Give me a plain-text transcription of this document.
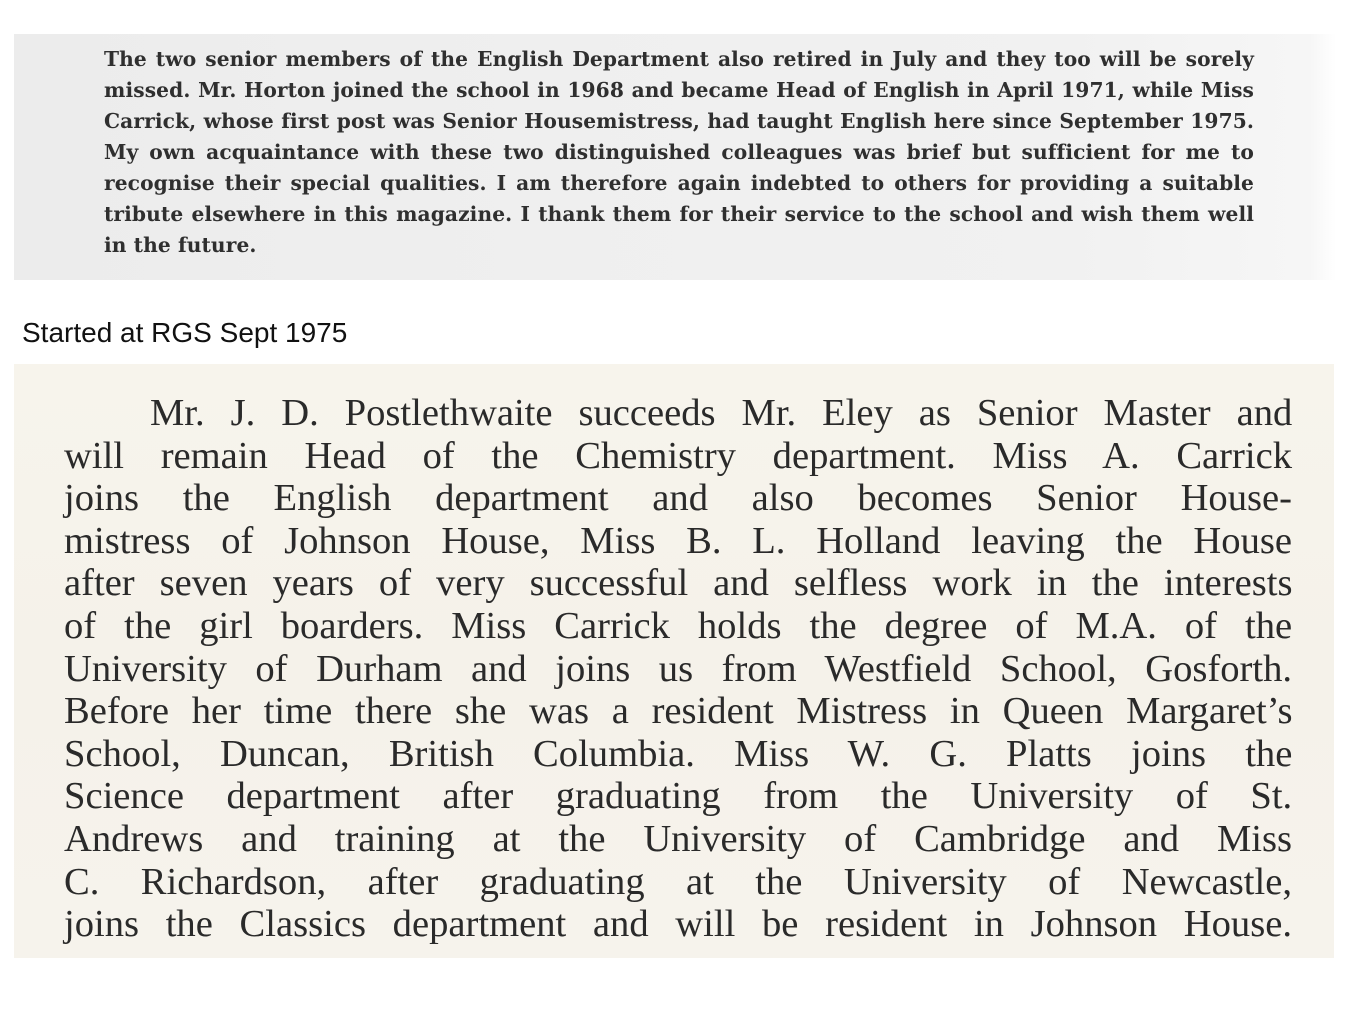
The two senior members of the English Department also retired in July and they too will be sorely missed. Mr. Horton joined the school in 1968 and became Head of English in April 1971, while Miss Carrick, whose first post was Senior Housemistress, had taught English here since September 1975. My own acquaintance with these two distinguished colleagues was brief but sufficient for me to recognise their special qualities. I am therefore again indebted to others for providing a suitable tribute elsewhere in this magazine. I thank them for their service to the school and wish them well in the future.

Started at RGS Sept 1975
Mr. J. D. Postlethwaite succeeds Mr. Eley as Senior Master and
will remain Head of the Chemistry department. Miss A. Carrick
joins the English department and also becomes Senior House-
mistress of Johnson House, Miss B. L. Holland leaving the House
after seven years of very successful and selfless work in the interests
of the girl boarders. Miss Carrick holds the degree of M.A. of the
University of Durham and joins us from Westfield School, Gosforth.
Before her time there she was a resident Mistress in Queen Margaret’s
School, Duncan, British Columbia. Miss W. G. Platts joins the
Science department after graduating from the University of St.
Andrews and training at the University of Cambridge and Miss
C. Richardson, after graduating at the University of Newcastle,
joins the Classics department and will be resident in Johnson House.
